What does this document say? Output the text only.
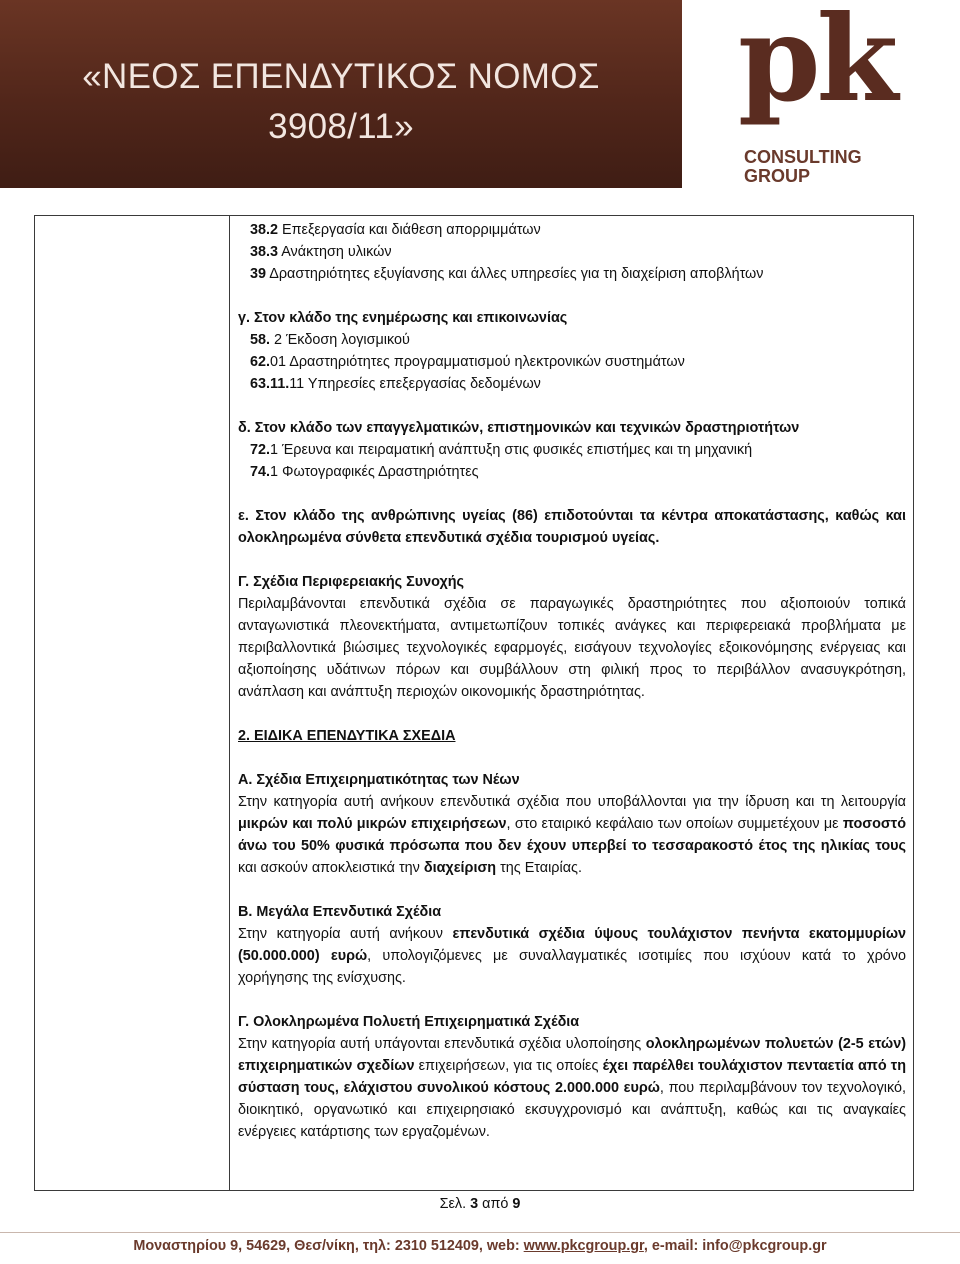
«ΝΕΟΣ ΕΠΕΝΔΥΤΙΚΟΣ ΝΟΜΟΣ
3908/11»	pk
CONSULTING
GROUP

38.2 Επεξεργασία και διάθεση απορριμμάτων

38.3 Ανάκτηση υλικών

39 Δραστηριότητες εξυγίανσης και άλλες υπηρεσίες για τη διαχείριση αποβλήτων

γ. Στον κλάδο της ενημέρωσης και επικοινωνίας

58. 2 Έκδοση λογισμικού

62.01 Δραστηριότητες προγραμματισμού ηλεκτρονικών συστημάτων

63.11.11 Υπηρεσίες επεξεργασίας δεδομένων

δ. Στον κλάδο των επαγγελματικών, επιστημονικών και τεχνικών δραστηριοτήτων

72.1 Έρευνα και πειραματική ανάπτυξη στις φυσικές επιστήμες και τη μηχανική

74.1 Φωτογραφικές Δραστηριότητες

ε. Στον κλάδο της ανθρώπινης υγείας (86) επιδοτούνται τα κέντρα αποκατάστασης, καθώς και ολοκληρωμένα σύνθετα επενδυτικά σχέδια τουρισμού υγείας.

Γ. Σχέδια Περιφερειακής Συνοχής

Περιλαμβάνονται επενδυτικά σχέδια σε παραγωγικές δραστηριότητες που αξιοποιούν τοπικά ανταγωνιστικά πλεονεκτήματα, αντιμετωπίζουν τοπικές ανάγκες και περιφερειακά προβλήματα με περιβαλλοντικά βιώσιμες τεχνολογικές εφαρμογές, εισάγουν τεχνολογίες εξοικονόμησης ενέργειας και αξιοποίησης υδάτινων πόρων και συμβάλλουν στη φιλική προς το περιβάλλον ανασυγκρότηση, ανάπλαση και ανάπτυξη περιοχών οικονομικής δραστηριότητας.

2. ΕΙΔΙΚΑ ΕΠΕΝΔΥΤΙΚΑ ΣΧΕΔΙΑ

Α. Σχέδια Επιχειρηματικότητας των Νέων

Στην κατηγορία αυτή ανήκουν επενδυτικά σχέδια που υποβάλλονται για την ίδρυση και τη λειτουργία μικρών και πολύ μικρών επιχειρήσεων, στο εταιρικό κεφάλαιο των οποίων συμμετέχουν με ποσοστό άνω του 50% φυσικά πρόσωπα που δεν έχουν υπερβεί το τεσσαρακοστό έτος της ηλικίας τους και ασκούν αποκλειστικά την διαχείριση της Εταιρίας.

Β. Μεγάλα Επενδυτικά Σχέδια

Στην κατηγορία αυτή ανήκουν επενδυτικά σχέδια ύψους τουλάχιστον πενήντα εκατομμυρίων (50.000.000) ευρώ, υπολογιζόμενες με συναλλαγματικές ισοτιμίες που ισχύουν κατά το χρόνο χορήγησης της ενίσχυσης.

Γ. Ολοκληρωμένα Πολυετή Επιχειρηματικά Σχέδια

Στην κατηγορία αυτή υπάγονται επενδυτικά σχέδια υλοποίησης ολοκληρωμένων πολυετών (2-5 ετών) επιχειρηματικών σχεδίων επιχειρήσεων, για τις οποίες έχει παρέλθει τουλάχιστον πενταετία από τη σύσταση τους, ελάχιστου συνολικού κόστους 2.000.000 ευρώ, που περιλαμβάνουν τον τεχνολογικό, διοικητικό, οργανωτικό και επιχειρησιακό εκσυγχρονισμό και ανάπτυξη, καθώς και τις αναγκαίες ενέργειες κατάρτισης των εργαζομένων.

Σελ. 3 από 9
Μοναστηρίου 9, 54629, Θεσ/νίκη, τηλ: 2310 512409, web: www.pkcgroup.gr, e-mail: info@pkcgroup.gr
